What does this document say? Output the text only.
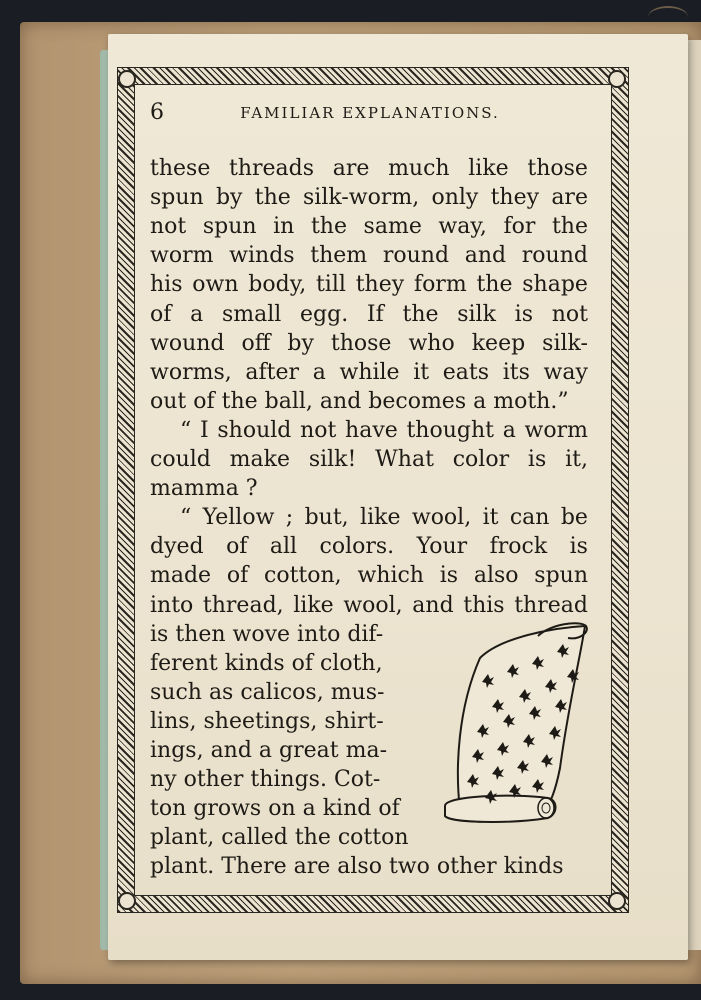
6	FAMILIAR EXPLANATIONS.
these threads are much like those
spun by the silk-worm, only they are
not spun in the same way, for the
worm winds them round and round
his own body, till they form the shape
of a small egg. If the silk is not
wound off by those who keep silk-
worms, after a while it eats its way
out of the ball, and becomes a moth.”
“ I should not have thought a worm
could make silk! What color is it,
mamma ?
“ Yellow ; but, like wool, it can be
dyed of all colors. Your frock is
made of cotton, which is also spun
into thread, like wool, and this thread
is then wove into dif-
ferent kinds of cloth,
such as calicos, mus-
lins, sheetings, shirt-
ings, and a great ma-
ny other things. Cot-
ton grows on a kind of
plant, called the cotton
plant. There are also two other kinds
